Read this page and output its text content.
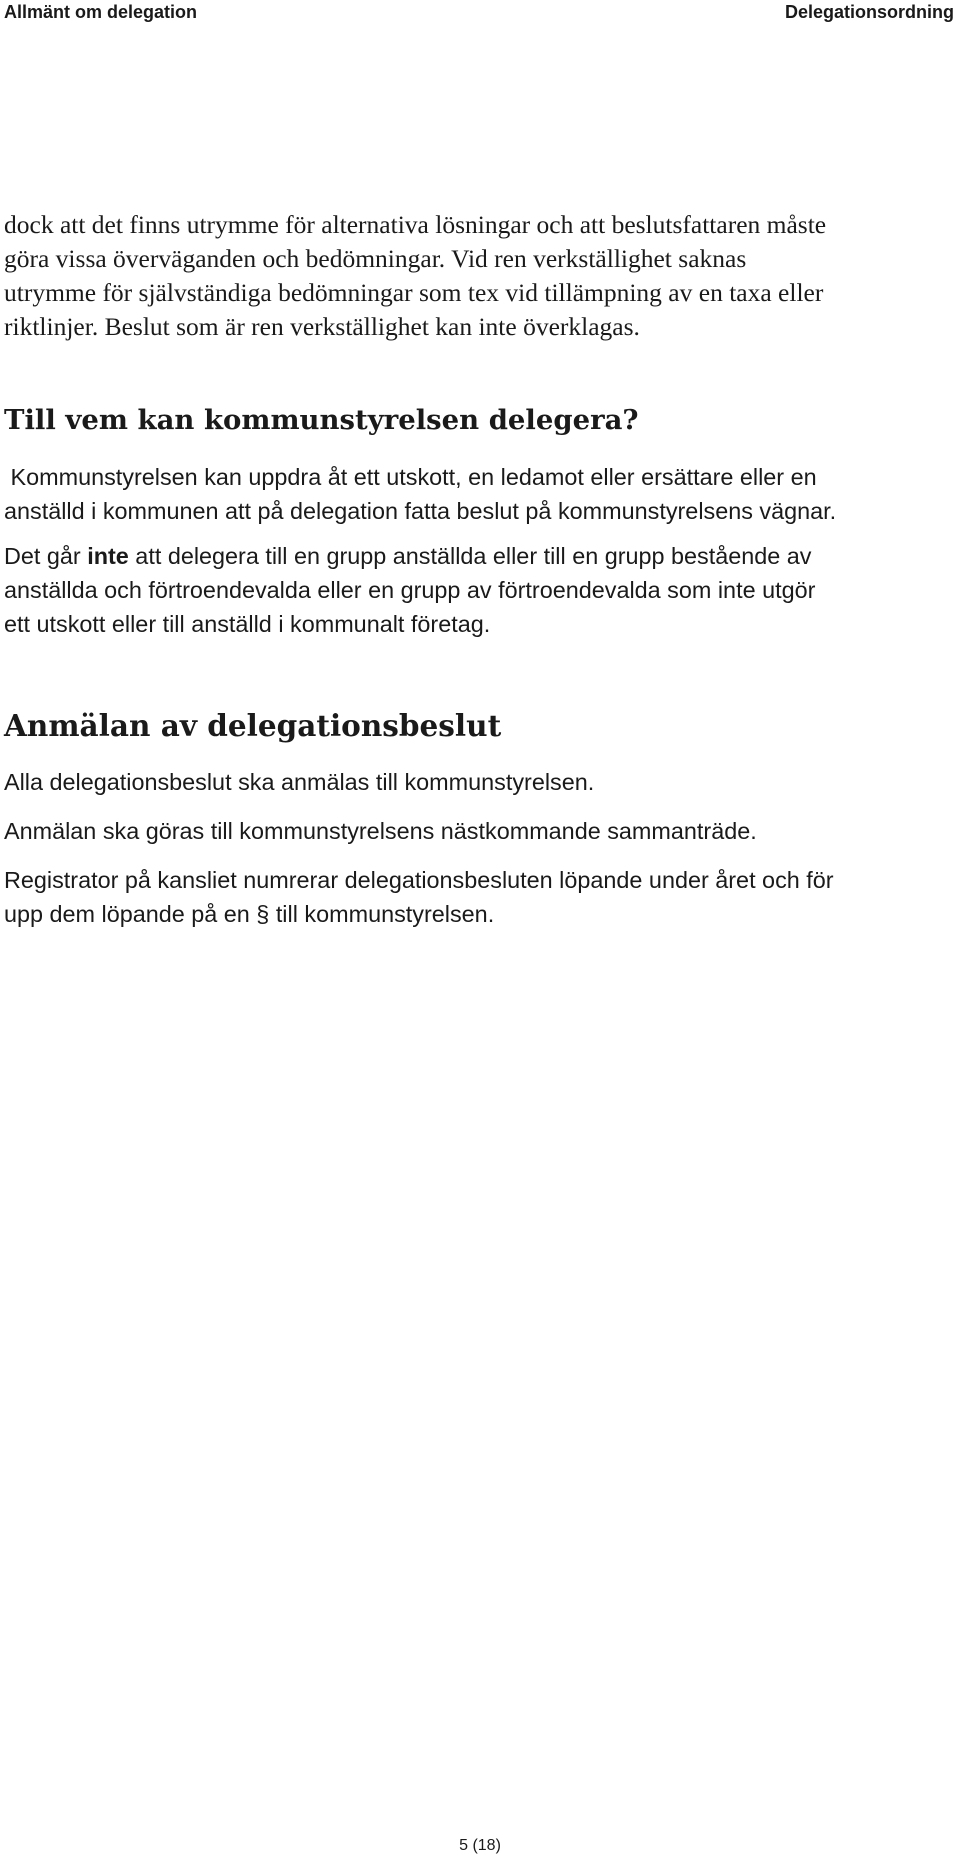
Allmänt om delegation	Delegationsordning

dock att det finns utrymme för alternativa lösningar och att beslutsfattaren måste
göra vissa överväganden och bedömningar. Vid ren verkställighet saknas
utrymme för självständiga bedömningar som tex vid tillämpning av en taxa eller
riktlinjer. Beslut som är ren verkställighet kan inte överklagas.

Till vem kan kommunstyrelsen delegera?

Kommunstyrelsen kan uppdra åt ett utskott, en ledamot eller ersättare eller en
anställd i kommunen att på delegation fatta beslut på kommunstyrelsens vägnar.

Det går inte att delegera till en grupp anställda eller till en grupp bestående av
anställda och förtroendevalda eller en grupp av förtroendevalda som inte utgör
ett utskott eller till anställd i kommunalt företag.

Anmälan av delegationsbeslut

Alla delegationsbeslut ska anmälas till kommunstyrelsen.

Anmälan ska göras till kommunstyrelsens nästkommande sammanträde.

Registrator på kansliet numrerar delegationsbesluten löpande under året och för
upp dem löpande på en § till kommunstyrelsen.

5 (18)
